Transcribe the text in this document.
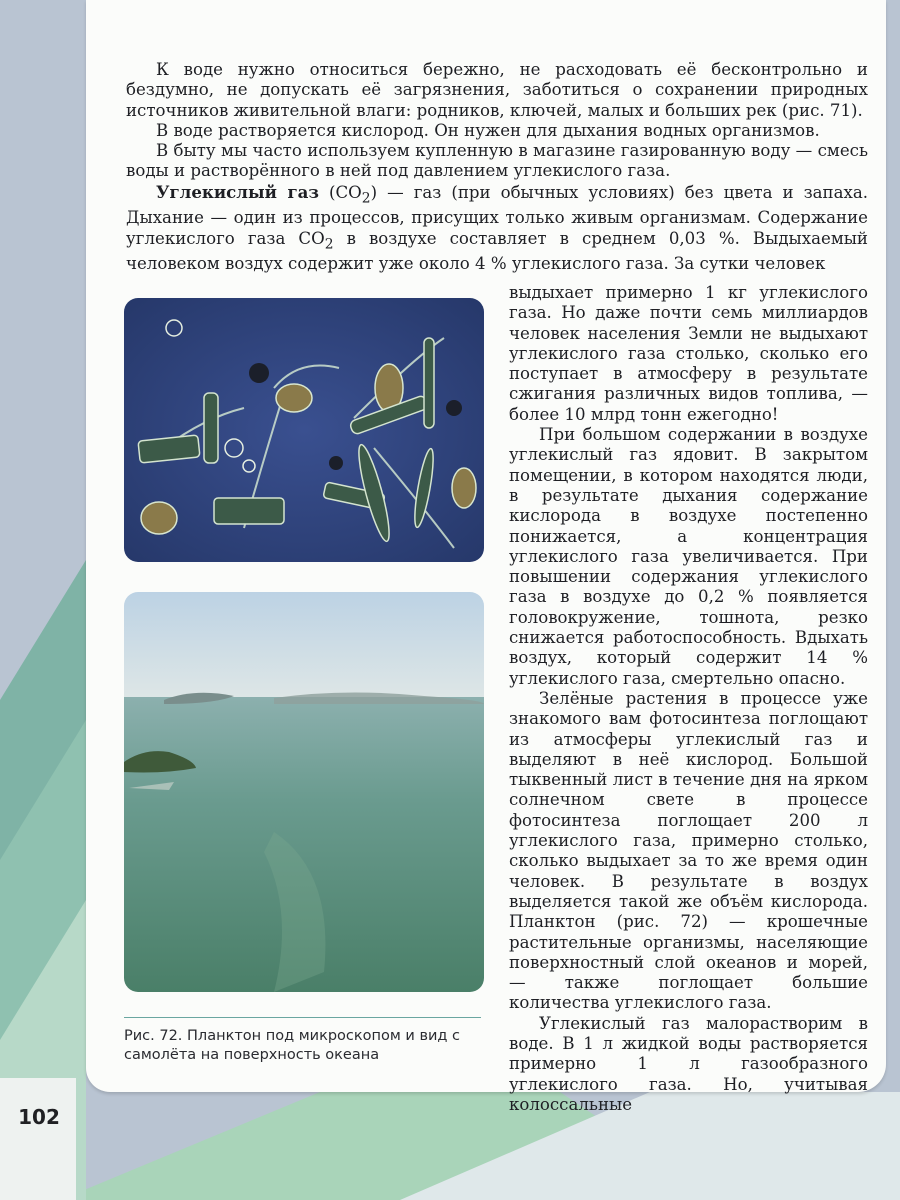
102

К воде нужно относиться бережно, не расходовать её бесконтрольно и бездумно, не допускать её загрязнения, заботиться о сохранении природных источников живительной влаги: родников, ключей, малых и больших рек (рис. 71).

В воде растворяется кислород. Он нужен для дыхания водных организмов.

В быту мы часто используем купленную в магазине газированную воду — смесь воды и растворённого в ней под давлением углекислого газа.

Углекислый газ $(CO_2)$ — газ (при обычных условиях) без цвета и запаха. Дыхание — один из процессов, присущих только живым организмам. Содержание углекислого газа $CO_2$ в воздухе составляет в среднем 0,03 %. Выдыхаемый человеком воздух содержит уже около 4 % углекислого газа. За сутки человек

выдыхает примерно 1 кг углекислого газа. Но даже почти семь миллиардов человек населения Земли не выдыхают углекислого газа столько, сколько его поступает в атмосферу в результате сжигания различных видов топлива, — более 10 млрд тонн ежегодно!

При большом содержании в воздухе углекислый газ ядовит. В закрытом помещении, в котором находятся люди, в результате дыхания содержание кислорода в воздухе постепенно понижается, а концентрация углекислого газа увеличивается. При повышении содержания углекислого газа в воздухе до 0,2 % появляется головокружение, тошнота, резко снижается работоспособность. Вдыхать воздух, который содержит 14 % углекислого газа, смертельно опасно.

Зелёные растения в процессе уже знакомого вам фотосинтеза поглощают из атмосферы углекислый газ и выделяют в неё кислород. Большой тыквенный лист в течение дня на ярком солнечном свете в процессе фотосинтеза поглощает 200 л углекислого газа, примерно столько, сколько выдыхает за то же время один человек. В результате в воздух выделяется такой же объём кислорода. Планктон (рис. 72) — крошечные растительные организмы, населяющие поверхностный слой океанов и морей, — также поглощает большие количества углекислого газа.

Углекислый газ малорастворим в воде. В 1 л жидкой воды растворяется примерно 1 л газообразного углекислого газа. Но, учитывая колоссальные

Рис. 72. Планктон под микроскопом и вид с самолёта на поверхность океана
